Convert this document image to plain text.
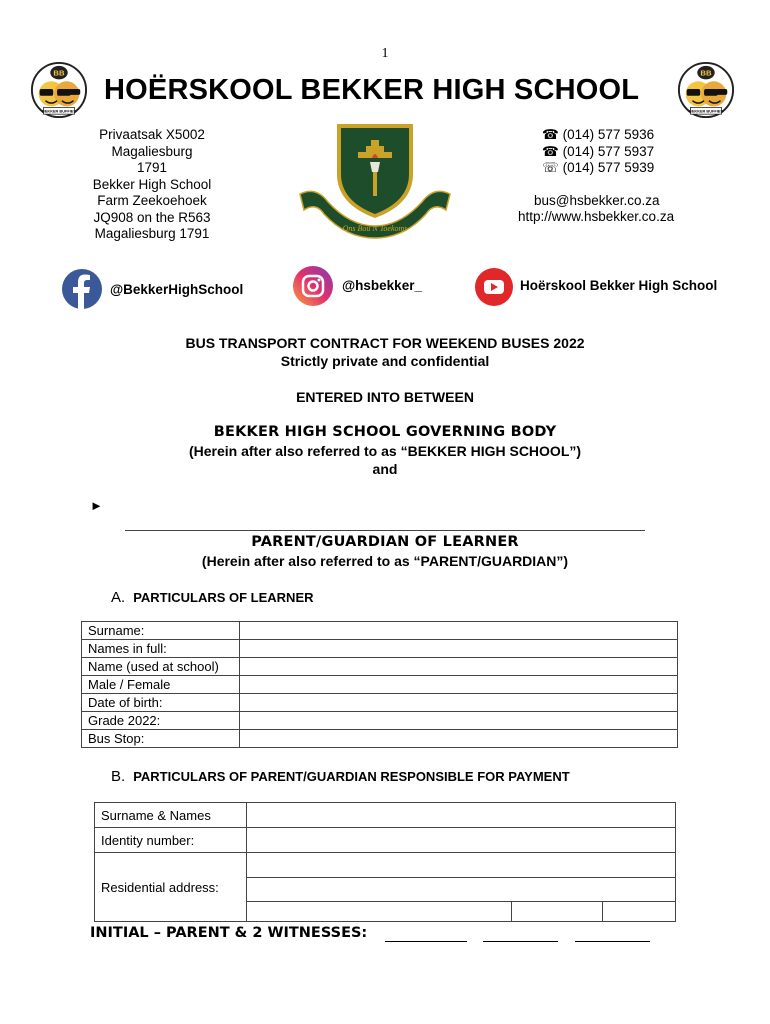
1
BB
BEKKER BUFFIES
BB
BEKKER BUFFIES
HOËRSKOOL BEKKER HIGH SCHOOL
Privaatsak X5002
Magaliesburg
1791
Bekker High School
Farm Zeekoehoek
JQ908 on the R563
Magaliesburg 1791	Ons Bou N Toekoms
☎ (014) 577 5936
☎ (014) 577 5937
☏ (014) 577 5939
bus@hsbekker.co.za
http://www.hsbekker.co.za
@BekkerHighSchool	@hsbekker_	Hoërskool Bekker High School
BUS TRANSPORT CONTRACT FOR WEEKEND BUSES 2022
Strictly private and confidential
ENTERED INTO BETWEEN
BEKKER HIGH SCHOOL GOVERNING BODY
(Herein after also referred to as “BEKKER HIGH SCHOOL”)
and
►
PARENT/GUARDIAN OF LEARNER
(Herein after also referred to as “PARENT/GUARDIAN”)
A. PARTICULARS OF LEARNER
Surname:	
Names in full:	
Name (used at school)	
Male / Female	
Date of birth:	
Grade 2022:	
Bus Stop:	
B. PARTICULARS OF PARENT/GUARDIAN RESPONSIBLE FOR PAYMENT
Surname & Names			
Identity number:			
Residential address:			

INITIAL – PARENT & 2 WITNESSES:
